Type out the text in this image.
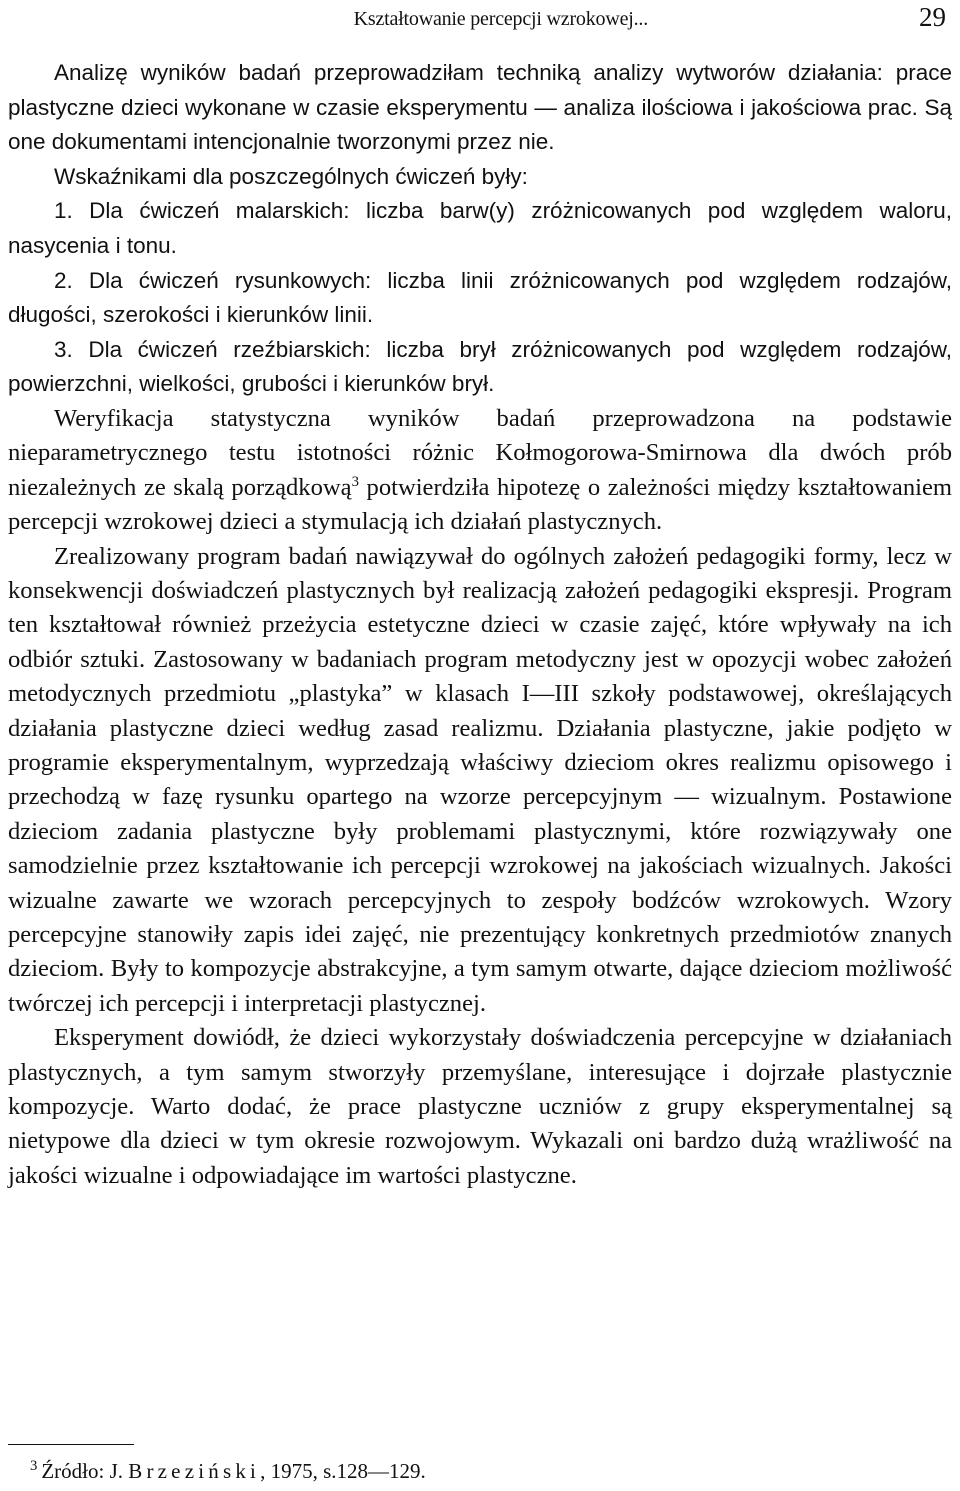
Kształtowanie percepcji wzrokowej...	29

Analizę wyników badań przeprowadziłam techniką analizy wytworów działania: prace plastyczne dzieci wykonane w czasie eksperymentu — analiza ilościowa i jakościowa prac. Są one dokumentami intencjonalnie tworzonymi przez nie.

Wskaźnikami dla poszczególnych ćwiczeń były:

1. Dla ćwiczeń malarskich: liczba barw(y) zróżnicowanych pod względem waloru, nasycenia i tonu.

2. Dla ćwiczeń rysunkowych: liczba linii zróżnicowanych pod względem rodzajów, długości, szerokości i kierunków linii.

3. Dla ćwiczeń rzeźbiarskich: liczba brył zróżnicowanych pod względem rodzajów, powierzchni, wielkości, grubości i kierunków brył.

Weryfikacja statystyczna wyników badań przeprowadzona na podstawie nieparametrycznego testu istotności różnic Kołmogorowa-Smirnowa dla dwóch prób niezależnych ze skalą porządkową$^3$ potwierdziła hipotezę o zależności między kształtowaniem percepcji wzrokowej dzieci a stymulacją ich działań plastycznych.

Zrealizowany program badań nawiązywał do ogólnych założeń pedagogiki formy, lecz w konsekwencji doświadczeń plastycznych był realizacją założeń pedagogiki ekspresji. Program ten kształtował również przeżycia estetyczne dzieci w czasie zajęć, które wpływały na ich odbiór sztuki. Zastosowany w badaniach program metodyczny jest w opozycji wobec założeń metodycznych przedmiotu „plastyka” w klasach I—III szkoły podstawowej, określających działania plastyczne dzieci według zasad realizmu. Działania plastyczne, jakie podjęto w programie eksperymentalnym, wyprzedzają właściwy dzieciom okres realizmu opisowego i przechodzą w fazę rysunku opartego na wzorze percepcyjnym — wizualnym. Postawione dzieciom zadania plastyczne były problemami plastycznymi, które rozwiązywały one samodzielnie przez kształtowanie ich percepcji wzrokowej na jakościach wizualnych. Jakości wizualne zawarte we wzorach percepcyjnych to zespoły bodźców wzrokowych. Wzory percepcyjne stanowiły zapis idei zajęć, nie prezentujący konkretnych przedmiotów znanych dzieciom. Były to kompozycje abstrakcyjne, a tym samym otwarte, dające dzieciom możliwość twórczej ich percepcji i interpretacji plastycznej.

Eksperyment dowiódł, że dzieci wykorzystały doświadczenia percepcyjne w działaniach plastycznych, a tym samym stworzyły przemyślane, interesujące i dojrzałe plastycznie kompozycje. Warto dodać, że prace plastyczne uczniów z grupy eksperymentalnej są nietypowe dla dzieci w tym okresie rozwojowym. Wykazali oni bardzo dużą wrażliwość na jakości wizualne i odpowiadające im wartości plastyczne.

$^3$ Źródło: J. Brzeziński, 1975, s.128—129.
